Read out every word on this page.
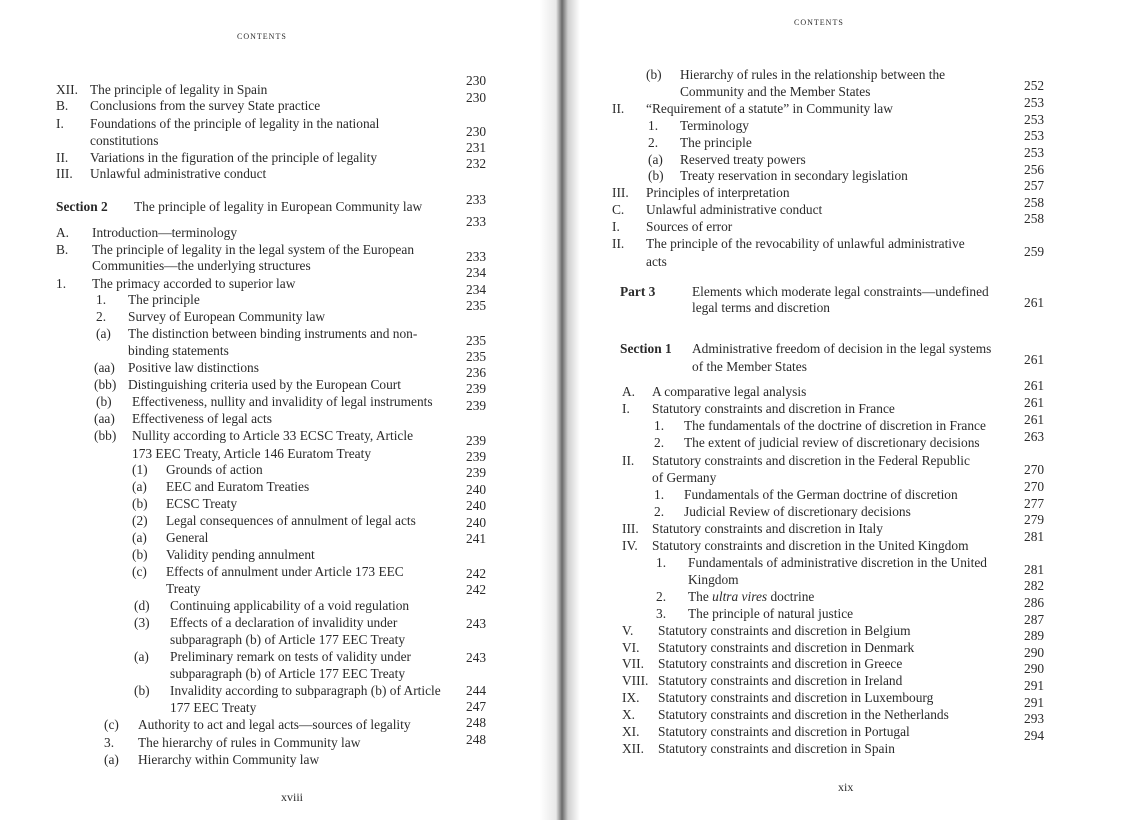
contents
xviii
XII. The principle of legality in Spain
B. Conclusions from the survey State practice
I. Foundations of the principle of legality in the national
constitutions
II. Variations in the figuration of the principle of legality
III. Unlawful administrative conduct
Section 2 The principle of legality in European Community law
A. Introduction—terminology
B. The principle of legality in the legal system of the European
Communities—the underlying structures
1. The primacy accorded to superior law
1. The principle
2. Survey of European Community law
(a) The distinction between binding instruments and non-
binding statements
(aa) Positive law distinctions
(bb) Distinguishing criteria used by the European Court
(b) Effectiveness, nullity and invalidity of legal instruments
(aa) Effectiveness of legal acts
(bb) Nullity according to Article 33 ECSC Treaty, Article
173 EEC Treaty, Article 146 Euratom Treaty
(1) Grounds of action
(a) EEC and Euratom Treaties
(b) ECSC Treaty
(2) Legal consequences of annulment of legal acts
(a) General
(b) Validity pending annulment
(c) Effects of annulment under Article 173 EEC
Treaty
(d) Continuing applicability of a void regulation
(3) Effects of a declaration of invalidity under
subparagraph (b) of Article 177 EEC Treaty
(a) Preliminary remark on tests of validity under
subparagraph (b) of Article 177 EEC Treaty
(b) Invalidity according to subparagraph (b) of Article
177 EEC Treaty
(c) Authority to act and legal acts—sources of legality
3. The hierarchy of rules in Community law
(a) Hierarchy within Community law
230
230
230
231
232
233
233
233
234
234
235
235
235
236
239
239
239
239
239
240
240
240
241
242
242
243
243
244
247
248
248
contents
xix
(b) Hierarchy of rules in the relationship between the
Community and the Member States
II. “Requirement of a statute” in Community law
1. Terminology
2. The principle
(a) Reserved treaty powers
(b) Treaty reservation in secondary legislation
III. Principles of interpretation
C. Unlawful administrative conduct
I. Sources of error
II. The principle of the revocability of unlawful administrative
acts
Part 3	Elements which moderate legal constraints—undefined
legal terms and discretion
Section 1 Administrative freedom of decision in the legal systems
of the Member States
A. A comparative legal analysis
I. Statutory constraints and discretion in France
1. The fundamentals of the doctrine of discretion in France
2. The extent of judicial review of discretionary decisions
II. Statutory constraints and discretion in the Federal Republic
of Germany
1. Fundamentals of the German doctrine of discretion
2. Judicial Review of discretionary decisions
III. Statutory constraints and discretion in Italy
IV. Statutory constraints and discretion in the United Kingdom
1. Fundamentals of administrative discretion in the United
Kingdom
2. The ultra vires doctrine
3. The principle of natural justice
V. Statutory constraints and discretion in Belgium
VI. Statutory constraints and discretion in Denmark
VII. Statutory constraints and discretion in Greece
VIII. Statutory constraints and discretion in Ireland
IX. Statutory constraints and discretion in Luxembourg
X. Statutory constraints and discretion in the Netherlands
XI. Statutory constraints and discretion in Portugal
XII. Statutory constraints and discretion in Spain
252
253
253
253
253
256
257
258
258
259
261
261
261
261
261
263
270
270
277
279
281
281
282
286
287
289
290
290
291
291
293
294
